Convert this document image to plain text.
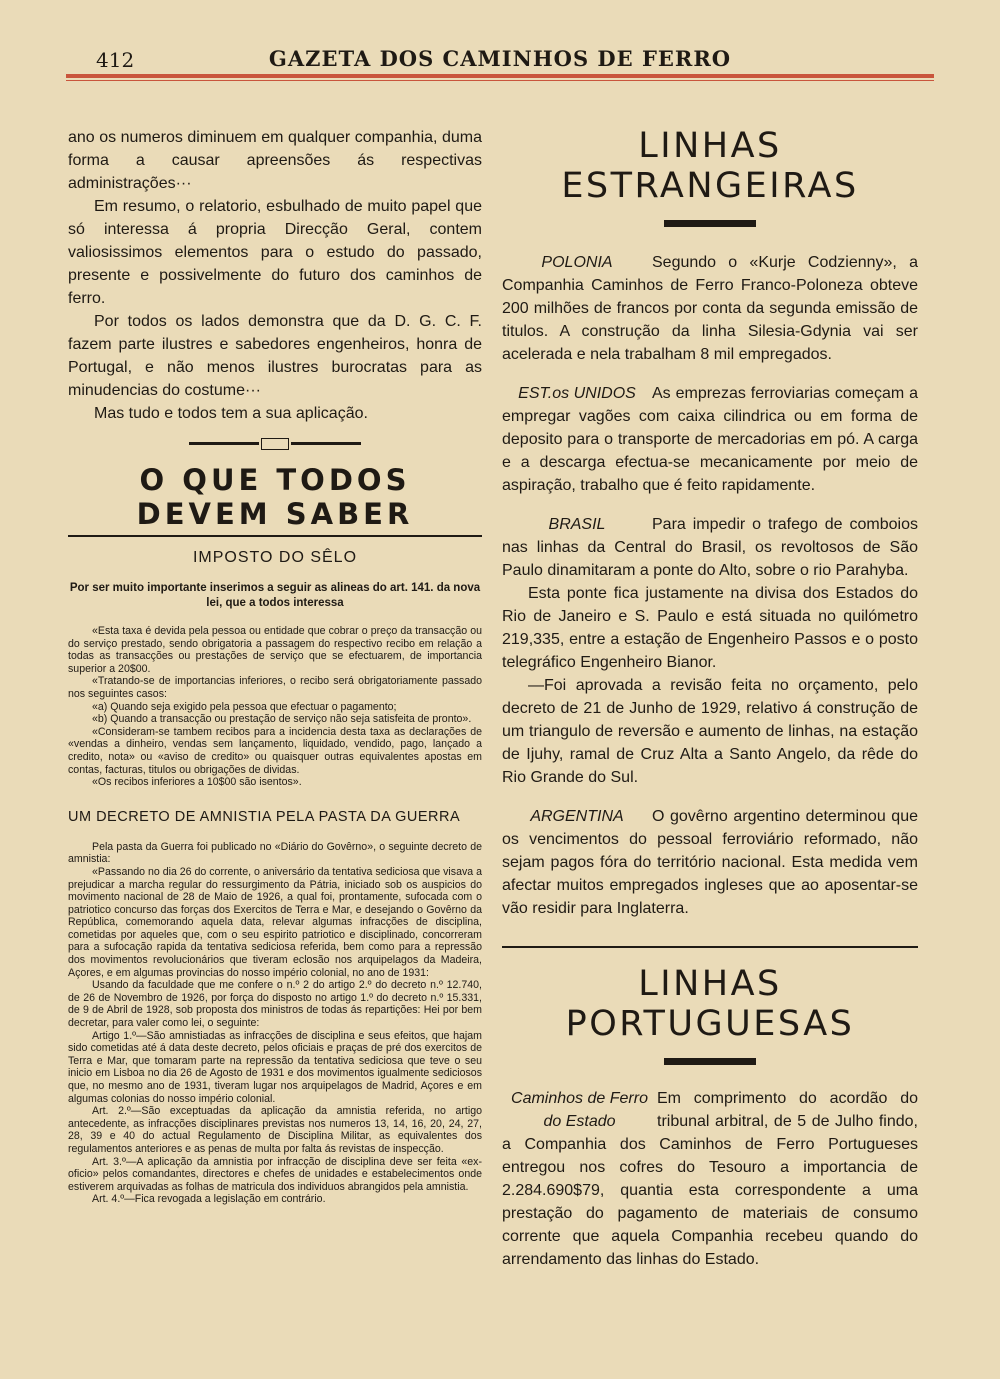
412	GAZETA DOS CAMINHOS DE FERRO

ano os numeros diminuem em qualquer companhia, duma forma a causar apreensões ás respectivas administrações···

Em resumo, o relatorio, esbulhado de muito papel que só interessa á propria Direcção Geral, contem valiosissimos elementos para o estudo do passado, presente e possivelmente do futuro dos caminhos de ferro.

Por todos os lados demonstra que da D. G. C. F. fazem parte ilustres e sabedores engenheiros, honra de Portugal, e não menos ilustres burocratas para as minudencias do costume···

Mas tudo e todos tem a sua aplicação.

O QUE TODOS DEVEM SABER
IMPOSTO DO SÊLO
Por ser muito importante inserimos a seguir as alineas do art. 141. da nova lei, que a todos interessa

«Esta taxa é devida pela pessoa ou entidade que cobrar o preço da transacção ou do serviço prestado, sendo obrigatoria a passagem do respectivo recibo em relação a todas as transacções ou prestações de serviço que se efectuarem, de importancia superior a 20$00.

«Tratando-se de importancias inferiores, o recibo será obrigatoriamente passado nos seguintes casos:

«a) Quando seja exigido pela pessoa que efectuar o pagamento;

«b) Quando a transacção ou prestação de serviço não seja satisfeita de pronto».

«Consideram-se tambem recibos para a incidencia desta taxa as declarações de «vendas a dinheiro, vendas sem lançamento, liquidado, vendido, pago, lançado a credito, nota» ou «aviso de credito» ou quaisquer outras equivalentes apostas em contas, facturas, titulos ou obrigações de dividas.

«Os recibos inferiores a 10$00 são isentos».

UM DECRETO DE AMNISTIA PELA PASTA DA GUERRA

Pela pasta da Guerra foi publicado no «Diário do Govêrno», o seguinte decreto de amnistia:

«Passando no dia 26 do corrente, o aniversário da tentativa sediciosa que visava a prejudicar a marcha regular do ressurgimento da Pátria, iniciado sob os auspicios do movimento nacional de 28 de Maio de 1926, a qual foi, prontamente, sufocada com o patriotico concurso das forças dos Exercitos de Terra e Mar, e desejando o Govêrno da República, comemorando aquela data, relevar algumas infracções de disciplina, cometidas por aqueles que, com o seu espirito patriotico e disciplinado, concorreram para a sufocação rapida da tentativa sediciosa referida, bem como para a repressão dos movimentos revolucionários que tiveram eclosão nos arquipelagos da Madeira, Açores, e em algumas provincias do nosso império colonial, no ano de 1931:

Usando da faculdade que me confere o n.º 2 do artigo 2.º do decreto n.º 12.740, de 26 de Novembro de 1926, por força do disposto no artigo 1.º do decreto n.º 15.331, de 9 de Abril de 1928, sob proposta dos ministros de todas ás repartições: Hei por bem decretar, para valer como lei, o seguinte:

Artigo 1.º—São amnistiadas as infracções de disciplina e seus efeitos, que hajam sido cometidas até á data deste decreto, pelos oficiais e praças de pré dos exercitos de Terra e Mar, que tomaram parte na repressão da tentativa sediciosa que teve o seu inicio em Lisboa no dia 26 de Agosto de 1931 e dos movimentos igualmente sediciosos que, no mesmo ano de 1931, tiveram lugar nos arquipelagos de Madrid, Açores e em algumas colonias do nosso império colonial.

Art. 2.º—São exceptuadas da aplicação da amnistia referida, no artigo antecedente, as infracções disciplinares previstas nos numeros 13, 14, 16, 20, 24, 27, 28, 39 e 40 do actual Regulamento de Disciplina Militar, as equivalentes dos regulamentos anteriores e as penas de multa por falta ás revistas de inspecção.

Art. 3.º—A aplicação da amnistia por infracção de disciplina deve ser feita «ex-oficio» pelos comandantes, directores e chefes de unidades e estabelecimentos onde estiverem arquivadas as folhas de matricula dos individuos abrangidos pela amnistia.

Art. 4.º—Fica revogada a legislação em contrário.

LINHAS ESTRANGEIRAS
POLONIA	Segundo o «Kurje Codzienny», a Companhia Caminhos de Ferro Franco-Poloneza obteve 200 milhões de francos por conta da segunda emissão de titulos. A construção da linha Silesia-Gdynia vai ser acelerada e nela trabalham 8 mil empregados.
EST.os UNIDOS	As emprezas ferroviarias começam a empregar vagões com caixa cilindrica ou em forma de deposito para o transporte de mercadorias em pó. A carga e a descarga efectua-se mecanicamente por meio de aspiração, trabalho que é feito rapidamente.
BRASIL	Para impedir o trafego de comboios nas linhas da Central do Brasil, os revoltosos de São Paulo dinamitaram a ponte do Alto, sobre o rio Parahyba.

Esta ponte fica justamente na divisa dos Estados do Rio de Janeiro e S. Paulo e está situada no quilómetro 219,335, entre a estação de Engenheiro Passos e o posto telegráfico Engenheiro Bianor.

—Foi aprovada a revisão feita no orçamento, pelo decreto de 21 de Junho de 1929, relativo á construção de um triangulo de reversão e aumento de linhas, na estação de Ijuhy, ramal de Cruz Alta a Santo Angelo, da rêde do Rio Grande do Sul.

ARGENTINA	O govêrno argentino determinou que os vencimentos do pessoal ferroviário reformado, não sejam pagos fóra do território nacional. Esta medida vem afectar muitos empregados ingleses que ao aposentar-se vão residir para Inglaterra.
LINHAS PORTUGUESAS
Caminhos de Ferro
do Estado
Em comprimento do acordão do tribunal arbitral, de 5 de Julho findo, a Companhia dos Caminhos de Ferro Portugueses entregou nos cofres do Tesouro a importancia de 2.284.690$79, quantia esta correspondente a uma prestação do pagamento de materiais de consumo corrente que aquela Companhia recebeu quando do arrendamento das linhas do Estado.
